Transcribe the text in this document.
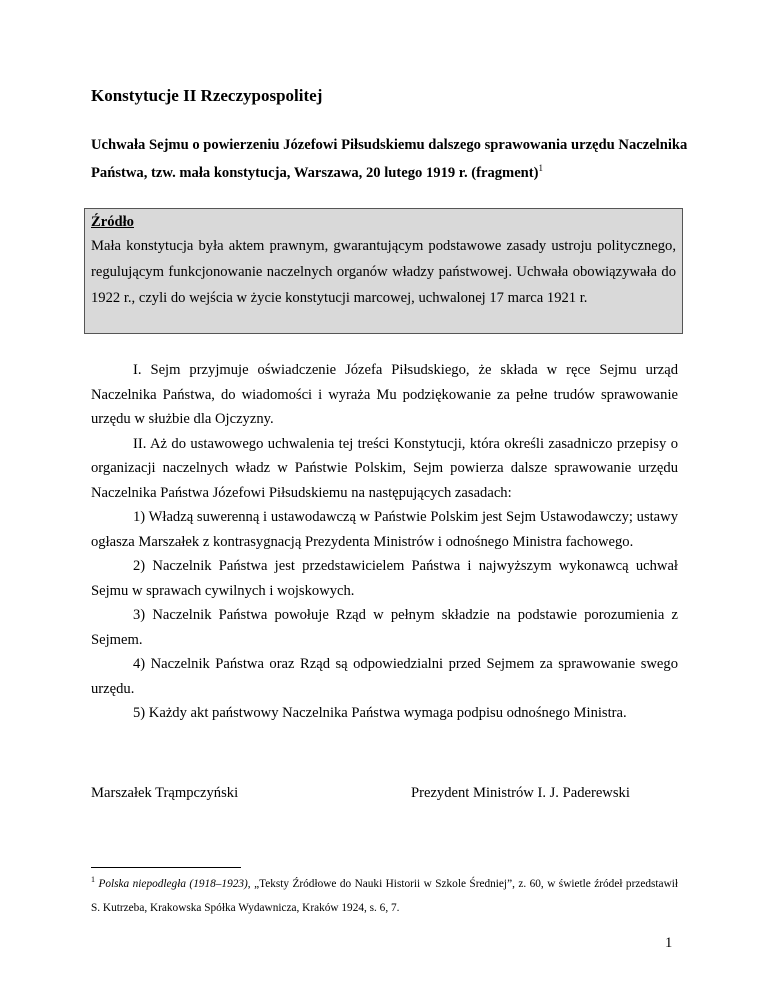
Konstytucje II Rzeczypospolitej
Uchwała Sejmu o powierzeniu Józefowi Piłsudskiemu dalszego sprawowania urzędu Naczelnika Państwa, tzw. mała konstytucja, Warszawa, 20 lutego 1919 r. (fragment)$^1$
Źródło
Mała konstytucja była aktem prawnym, gwarantującym podstawowe zasady ustroju politycznego, regulującym funkcjonowanie naczelnych organów władzy państwowej. Uchwała obowiązywała do 1922 r., czyli do wejścia w życie konstytucji marcowej, uchwalonej 17 marca 1921 r.

I. Sejm przyjmuje oświadczenie Józefa Piłsudskiego, że składa w ręce Sejmu urząd Naczelnika Państwa, do wiadomości i wyraża Mu podziękowanie za pełne trudów sprawowanie urzędu w służbie dla Ojczyzny.

II. Aż do ustawowego uchwalenia tej treści Konstytucji, która określi zasadniczo przepisy o organizacji naczelnych władz w Państwie Polskim, Sejm powierza dalsze sprawowanie urzędu Naczelnika Państwa Józefowi Piłsudskiemu na następujących zasadach:

1) Władzą suwerenną i ustawodawczą w Państwie Polskim jest Sejm Ustawodawczy; ustawy ogłasza Marszałek z kontrasygnacją Prezydenta Ministrów i odnośnego Ministra fachowego.

2) Naczelnik Państwa jest przedstawicielem Państwa i najwyższym wykonawcą uchwał Sejmu w sprawach cywilnych i wojskowych.

3) Naczelnik Państwa powołuje Rząd w pełnym składzie na podstawie porozumienia z Sejmem.

4) Naczelnik Państwa oraz Rząd są odpowiedzialni przed Sejmem za sprawowanie swego urzędu.

5) Każdy akt państwowy Naczelnika Państwa wymaga podpisu odnośnego Ministra.

Marszałek Trąmpczyński	Prezydent Ministrów I. J. Paderewski
$^1$ Polska niepodległa (1918–1923), „Teksty Źródłowe do Nauki Historii w Szkole Średniej”, z. 60, w świetle źródeł przedstawił S. Kutrzeba, Krakowska Spółka Wydawnicza, Kraków 1924, s. 6, 7.
1
